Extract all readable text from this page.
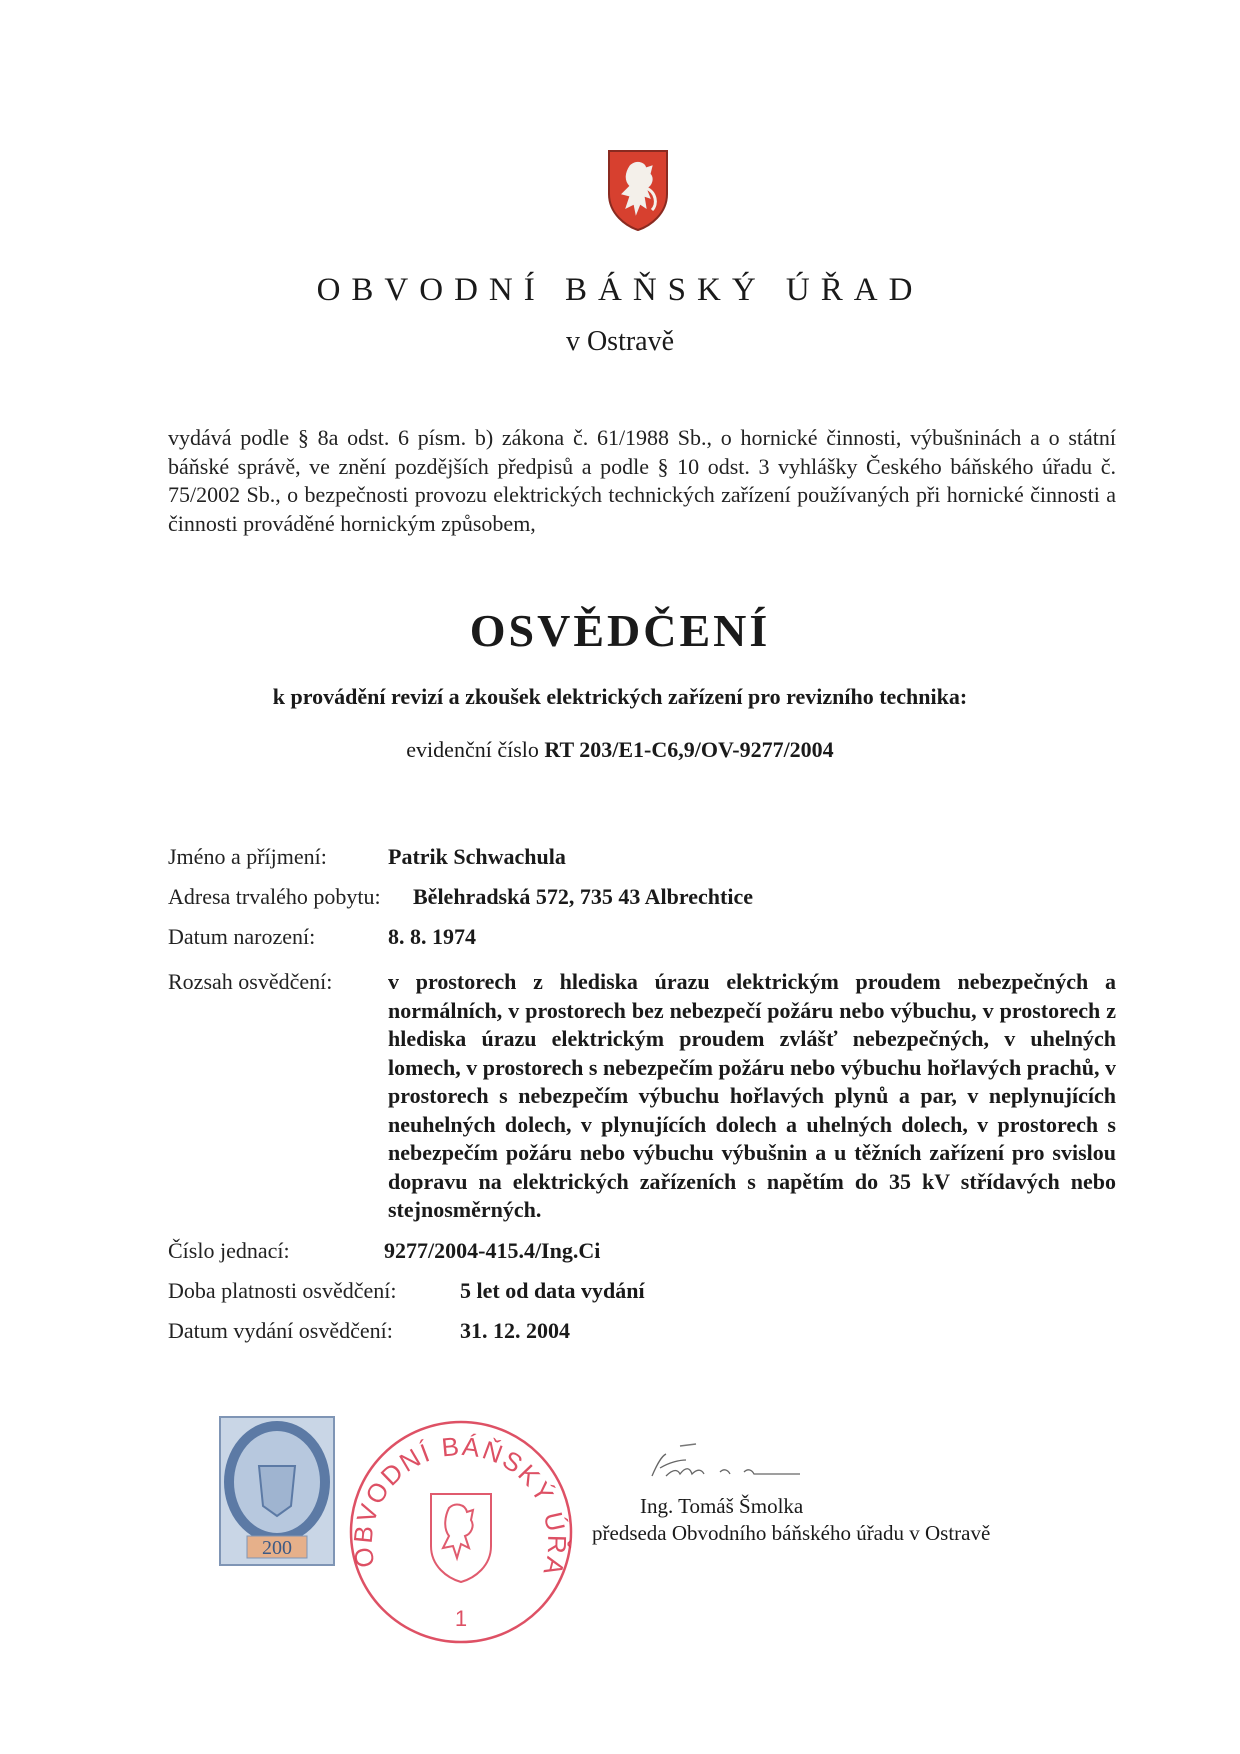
OBVODNÍ BÁŇSKÝ ÚŘAD
v Ostravě
vydává podle § 8a odst. 6 písm. b) zákona č. 61/1988 Sb., o hornické činnosti, výbušninách a o státní báňské správě, ve znění pozdějších předpisů a podle § 10 odst. 3 vyhlášky Českého báňského úřadu č. 75/2002 Sb., o bezpečnosti provozu elektrických technických zařízení používaných při hornické činnosti a činnosti prováděné hornickým způsobem,
OSVĚDČENÍ
k provádění revizí a zkoušek elektrických zařízení pro revizního technika:
evidenční číslo RT 203/E1-C6,9/OV-9277/2004
Jméno a příjmení:	Patrik Schwachula
Adresa trvalého pobytu: Bělehradská 572, 735 43 Albrechtice
Datum narození:	8. 8. 1974
Rozsah osvědčení:	v prostorech z hlediska úrazu elektrickým proudem nebezpečných a normálních, v prostorech bez nebezpečí požáru nebo výbuchu, v prostorech z hlediska úrazu elektrickým proudem zvlášť nebezpečných, v uhelných lomech, v prostorech s nebezpečím požáru nebo výbuchu hořlavých prachů, v prostorech s nebezpečím výbuchu hořlavých plynů a par, v neplynujících neuhelných dolech, v plynujících dolech a uhelných dolech, v prostorech s nebezpečím požáru nebo výbuchu výbušnin a u těžních zařízení pro svislou dopravu na elektrických zařízeních s napětím do 35 kV střídavých nebo stejnosměrných.
Číslo jednací:	9277/2004-415.4/Ing.Ci
Doba platnosti osvědčení:	5 let od data vydání
Datum vydání osvědčení:	31. 12. 2004
200	OBVODNÍ BÁŇSKÝ ÚŘA
1
Ing. Tomáš Šmolka
předseda Obvodního báňského úřadu v Ostravě
